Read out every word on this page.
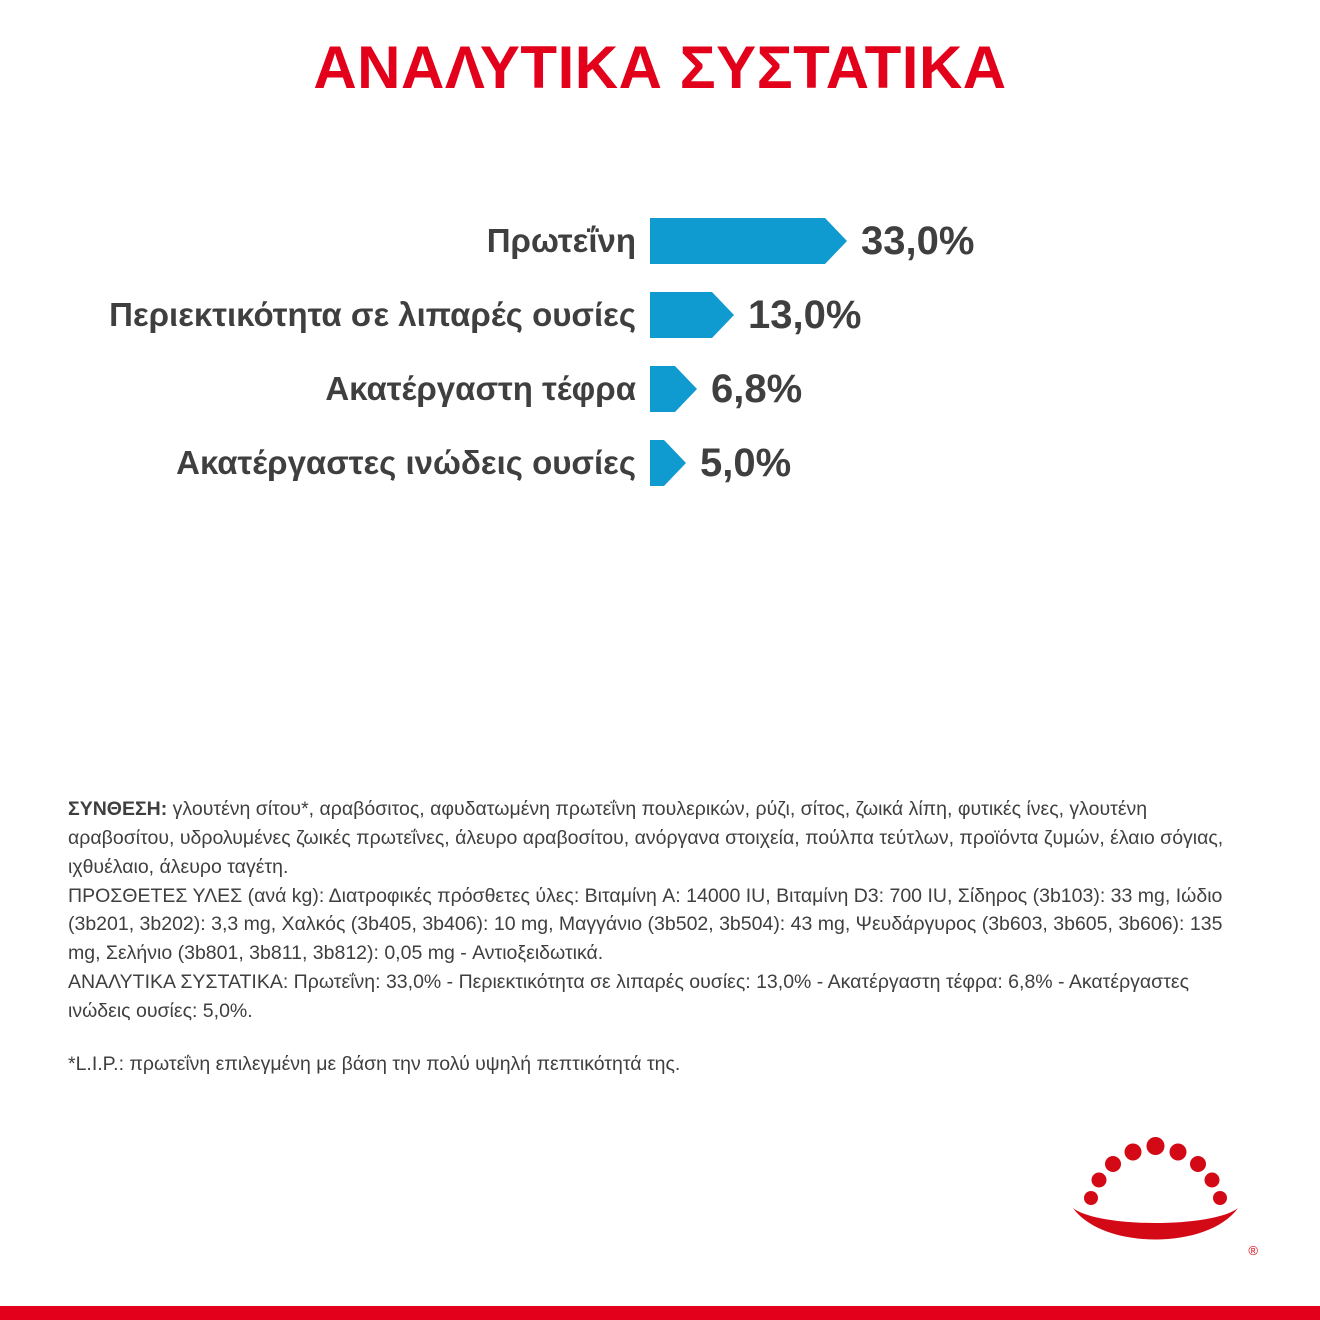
ΑΝΑΛΥΤΙΚΑ ΣΥΣΤΑΤΙΚΑ
Πρωτεΐνη	33,0%
Περιεκτικότητα σε λιπαρές ουσίες	13,0%
Ακατέργαστη τέφρα	6,8%
Ακατέργαστες ινώδεις ουσίες	5,0%

ΣΥΝΘΕΣΗ: γλουτένη σίτου*, αραβόσιτος, αφυδατωμένη πρωτεΐνη πουλερικών, ρύζι, σίτος, ζωικά λίπη, φυτικές ίνες, γλουτένη αραβοσίτου, υδρολυμένες ζωικές πρωτεΐνες, άλευρο αραβοσίτου, ανόργανα στοιχεία, πούλπα τεύτλων, προϊόντα ζυμών, έλαιο σόγιας, ιχθυέλαιο, άλευρο ταγέτη.

ΠΡΟΣΘΕΤΕΣ ΥΛΕΣ (ανά kg): Διατροφικές πρόσθετες ύλες: Βιταμίνη A: 14000 IU, Βιταμίνη D3: 700 IU, Σίδηρος (3b103): 33 mg, Ιώδιο (3b201, 3b202): 3,3 mg, Χαλκός (3b405, 3b406): 10 mg, Μαγγάνιο (3b502, 3b504): 43 mg, Ψευδάργυρος (3b603, 3b605, 3b606): 135 mg, Σελήνιο (3b801, 3b811, 3b812): 0,05 mg - Αντιοξειδωτικά.

ΑΝΑΛΥΤΙΚΑ ΣΥΣΤΑΤΙΚΑ: Πρωτεΐνη: 33,0% - Περιεκτικότητα σε λιπαρές ουσίες: 13,0% - Ακατέργαστη τέφρα: 6,8% - Ακατέργαστες ινώδεις ουσίες: 5,0%.

*L.I.P.: πρωτεΐνη επιλεγμένη με βάση την πολύ υψηλή πεπτικότητά της.

®
